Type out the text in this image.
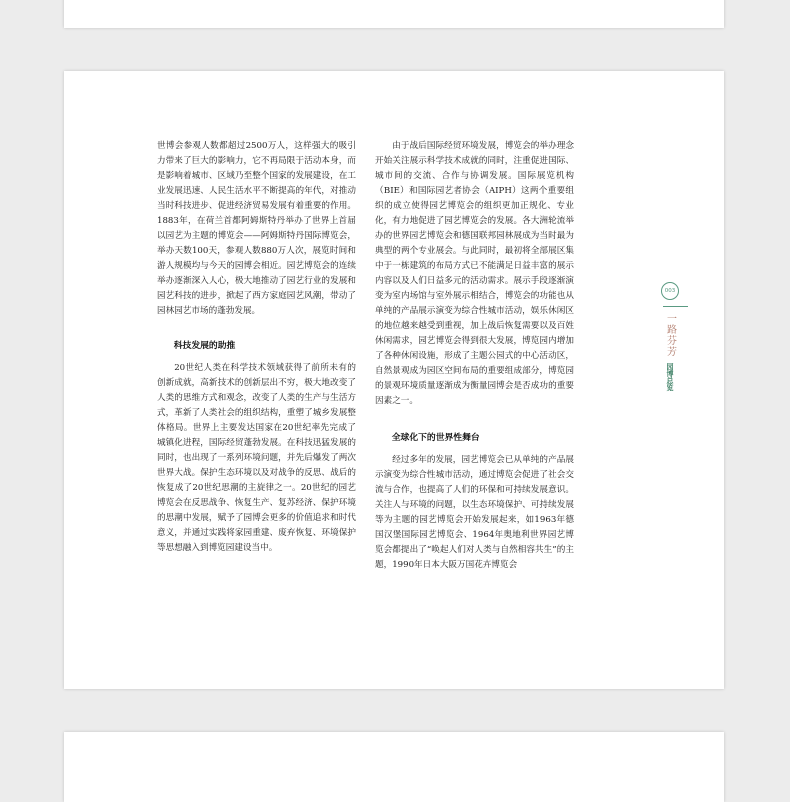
世博会参观人数都超过2500万人，这样强大的吸引力带来了巨大的影响力，它不再局限于活动本身，而是影响着城市、区域乃至整个国家的发展建设，在工业发展迅速、人民生活水平不断提高的年代，对推动当时科技进步、促进经济贸易发展有着重要的作用。1883年，在荷兰首都阿姆斯特丹举办了世界上首届以园艺为主题的博览会——阿姆斯特丹国际博览会，举办天数100天，参观人数880万人次，展览时间和游人规模均与今天的园博会相近。园艺博览会的连续举办逐渐深入人心，极大地推动了园艺行业的发展和园艺科技的进步，掀起了西方家庭园艺风潮，带动了园林园艺市场的蓬勃发展。

科技发展的助推

20世纪人类在科学技术领域获得了前所未有的创新成就，高新技术的创新层出不穷，极大地改变了人类的思维方式和观念，改变了人类的生产与生活方式，革新了人类社会的组织结构，重塑了城乡发展整体格局。世界上主要发达国家在20世纪率先完成了城镇化进程，国际经贸蓬勃发展。在科技迅猛发展的同时，也出现了一系列环境问题，并先后爆发了两次世界大战。保护生态环境以及对战争的反思、战后的恢复成了20世纪思潮的主旋律之一。20世纪的园艺博览会在反思战争、恢复生产、复苏经济、保护环境的思潮中发展，赋予了园博会更多的价值追求和时代意义，并通过实践将家园重建、废弃恢复、环境保护等思想融入到博览园建设当中。

由于战后国际经贸环境发展，博览会的举办理念开始关注展示科学技术成就的同时，注重促进国际、城市间的交流、合作与协调发展。国际展览机构（BIE）和国际园艺者协会（AIPH）这两个重要组织的成立使得园艺博览会的组织更加正规化、专业化，有力地促进了园艺博览会的发展。各大洲轮流举办的世界园艺博览会和德国联邦园林展成为当时最为典型的两个专业展会。与此同时，最初将全部展区集中于一栋建筑的布局方式已不能满足日益丰富的展示内容以及人们日益多元的活动需求。展示手段逐渐演变为室内场馆与室外展示相结合，博览会的功能也从单纯的产品展示演变为综合性城市活动，娱乐休闲区的地位越来越受到重视，加上战后恢复需要以及百姓休闲需求，园艺博览会得到很大发展，博览园内增加了各种休闲设施，形成了主题公园式的中心活动区，自然景观成为园区空间布局的重要组成部分，博览园的景观环境质量逐渐成为衡量园博会是否成功的重要因素之一。

全球化下的世界性舞台

经过多年的发展，园艺博览会已从单纯的产品展示演变为综合性城市活动，通过博览会促进了社会交流与合作，也提高了人们的环保和可持续发展意识。关注人与环境的问题，以生态环境保护、可持续发展等为主题的园艺博览会开始发展起来，如1963年德国汉堡国际园艺博览会、1964年奥地利世界园艺博览会都提出了“唤起人们对人类与自然相容共生”的主题，1990年日本大阪万国花卉博览会

003
一路芬芳
园博总览
